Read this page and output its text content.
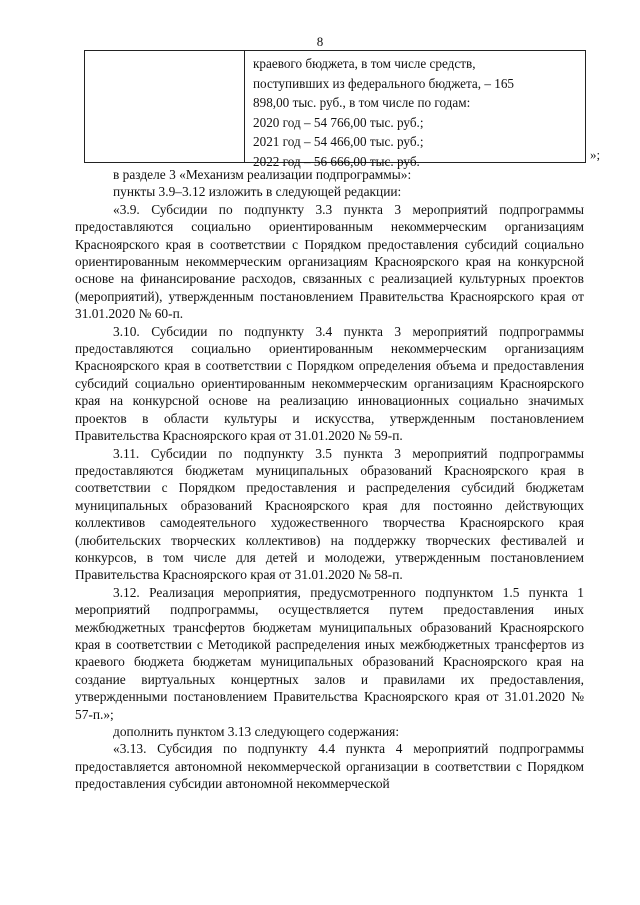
8
краевого бюджета, в том числе средств,
поступивших из федерального бюджета, – 165
898,00 тыс. руб., в том числе по годам:
2020 год – 54 766,00 тыс. руб.;
2021 год – 54 466,00 тыс. руб.;
2022 год – 56 666,00 тыс. руб.	»;

в разделе 3 «Механизм реализации подпрограммы»:

пункты 3.9–3.12 изложить в следующей редакции:

«3.9. Субсидии по подпункту 3.3 пункта 3 мероприятий подпрограммы предоставляются социально ориентированным некоммерческим организациям Красноярского края в соответствии с Порядком предоставления субсидий социально ориентированным некоммерческим организациям Красноярского края на конкурсной основе на финансирование расходов, связанных с реализацией культурных проектов (мероприятий), утвержденным постановлением Правительства Красноярского края от 31.01.2020 № 60-п.

3.10. Субсидии по подпункту 3.4 пункта 3 мероприятий подпрограммы предоставляются социально ориентированным некоммерческим организациям Красноярского края в соответствии с Порядком определения объема и предоставления субсидий социально ориентированным некоммерческим организациям Красноярского края на конкурсной основе на реализацию инновационных социально значимых проектов в области культуры и искусства, утвержденным постановлением Правительства Красноярского края от 31.01.2020 № 59-п.

3.11. Субсидии по подпункту 3.5 пункта 3 мероприятий подпрограммы предоставляются бюджетам муниципальных образований Красноярского края в соответствии с Порядком предоставления и распределения субсидий бюджетам муниципальных образований Красноярского края для постоянно действующих коллективов самодеятельного художественного творчества Красноярского края (любительских творческих коллективов) на поддержку творческих фестивалей и конкурсов, в том числе для детей и молодежи, утвержденным постановлением Правительства Красноярского края от 31.01.2020 № 58-п.

3.12. Реализация мероприятия, предусмотренного подпунктом 1.5 пункта 1 мероприятий подпрограммы, осуществляется путем предоставления иных межбюджетных трансфертов бюджетам муниципальных образований Красноярского края в соответствии с Методикой распределения иных межбюджетных трансфертов из краевого бюджета бюджетам муниципальных образований Красноярского края на создание виртуальных концертных залов и правилами их предоставления, утвержденными постановлением Правительства Красноярского края от 31.01.2020 № 57-п.»;

дополнить пунктом 3.13 следующего содержания:

«3.13. Субсидия по подпункту 4.4 пункта 4 мероприятий подпрограммы предоставляется автономной некоммерческой организации в соответствии с Порядком предоставления субсидии автономной некоммерческой
